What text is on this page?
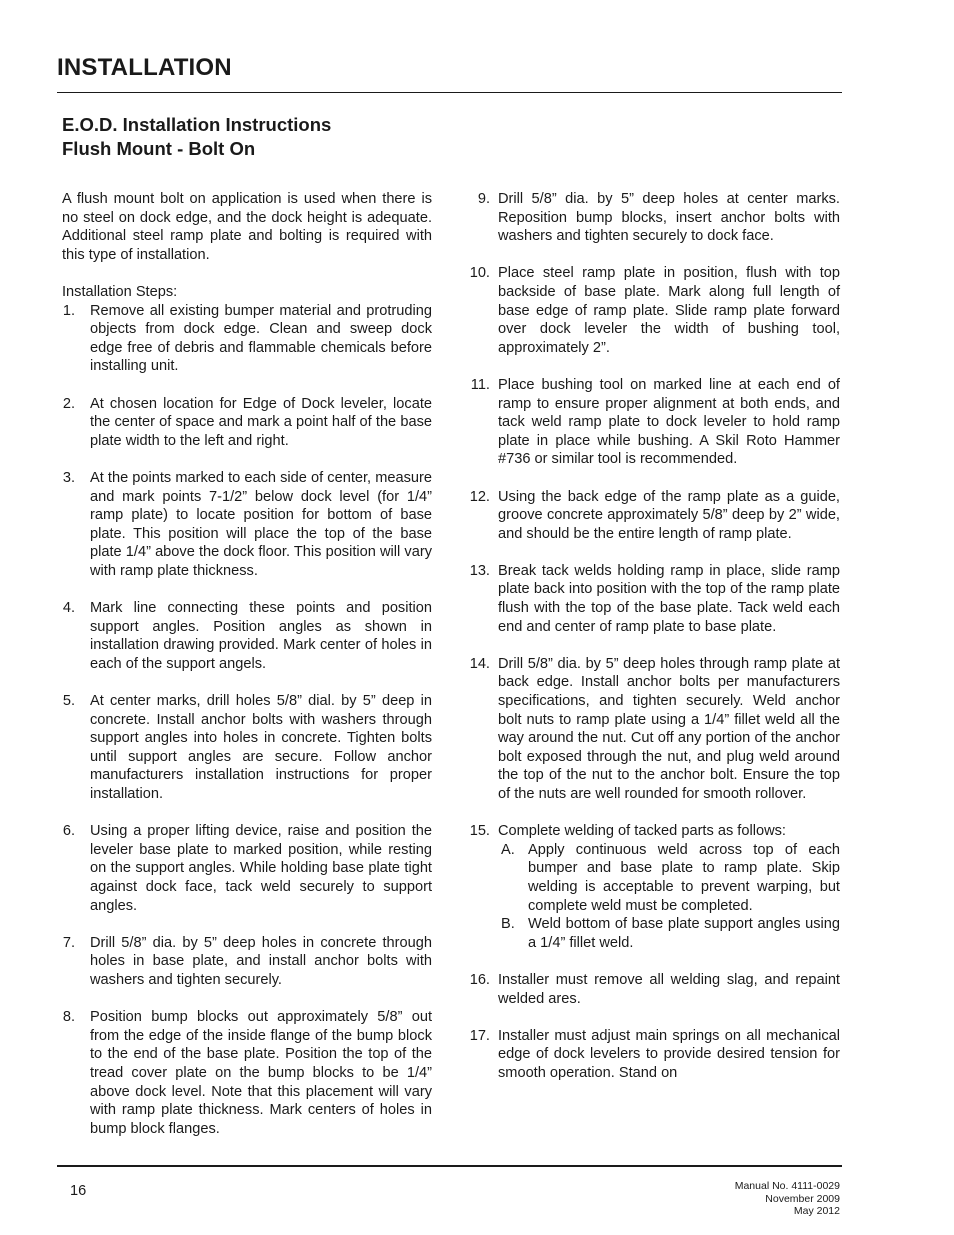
INSTALLATION
E.O.D. Installation Instructions
Flush Mount - Bolt On

A flush mount bolt on application is used when there is no steel on dock edge, and the dock height is adequate. Additional steel ramp plate and bolting is required with this type of installation.

Installation Steps:

1. Remove all existing bumper material and protruding objects from dock edge. Clean and sweep dock edge free of debris and flammable chemicals before installing unit.
2. At chosen location for Edge of Dock leveler, locate the center of space and mark a point half of the base plate width to the left and right.
3. At the points marked to each side of center, measure and mark points 7-1/2” below dock level (for 1/4” ramp plate) to locate position for bottom of base plate. This position will place the top of the base plate 1/4” above the dock floor. This position will vary with ramp plate thickness.
4. Mark line connecting these points and position support angles. Position angles as shown in installation drawing provided. Mark center of holes in each of the support angels.
5. At center marks, drill holes 5/8” dial. by 5” deep in concrete. Install anchor bolts with washers through support angles into holes in concrete. Tighten bolts until support angles are secure. Follow anchor manufacturers installation instructions for proper installation.
6. Using a proper lifting device, raise and position the leveler base plate to marked position, while resting on the support angles. While holding base plate tight against dock face, tack weld securely to support angles.
7. Drill 5/8” dia. by 5” deep holes in concrete through holes in base plate, and install anchor bolts with washers and tighten securely.
8. Position bump blocks out approximately 5/8” out from the edge of the inside flange of the bump block to the end of the base plate. Position the top of the tread cover plate on the bump blocks to be 1/4” above dock level. Note that this placement will vary with ramp plate thickness. Mark centers of holes in bump block flanges.
9. Drill 5/8” dia. by 5” deep holes at center marks. Reposition bump blocks, insert anchor bolts with washers and tighten securely to dock face.
10. Place steel ramp plate in position, flush with top backside of base plate. Mark along full length of base edge of ramp plate. Slide ramp plate forward over dock leveler the width of bushing tool, approximately 2”.
11. Place bushing tool on marked line at each end of ramp to ensure proper alignment at both ends, and tack weld ramp plate to dock leveler to hold ramp plate in place while bushing. A Skil Roto Hammer #736 or similar tool is recommended.
12. Using the back edge of the ramp plate as a guide, groove concrete approximately 5/8” deep by 2” wide, and should be the entire length of ramp plate.
13. Break tack welds holding ramp in place, slide ramp plate back into position with the top of the ramp plate flush with the top of the base plate. Tack weld each end and center of ramp plate to base plate.
14. Drill 5/8” dia. by 5” deep holes through ramp plate at back edge. Install anchor bolts per manufacturers specifications, and tighten securely. Weld anchor bolt nuts to ramp plate using a 1/4” fillet weld all the way around the nut. Cut off any portion of the anchor bolt exposed through the nut, and plug weld around the top of the nut to the anchor bolt. Ensure the top of the nuts are well rounded for smooth rollover.
15. Complete welding of tacked parts as follows:
A. Apply continuous weld across top of each bumper and base plate to ramp plate. Skip welding is acceptable to prevent warping, but complete weld must be completed.
B. Weld bottom of base plate support angles using a 1/4” fillet weld.
16. Installer must remove all welding slag, and repaint welded ares.
17. Installer must adjust main springs on all mechanical edge of dock levelers to provide desired tension for smooth operation. Stand on
16	Manual No. 4111-0029
November 2009
May 2012
